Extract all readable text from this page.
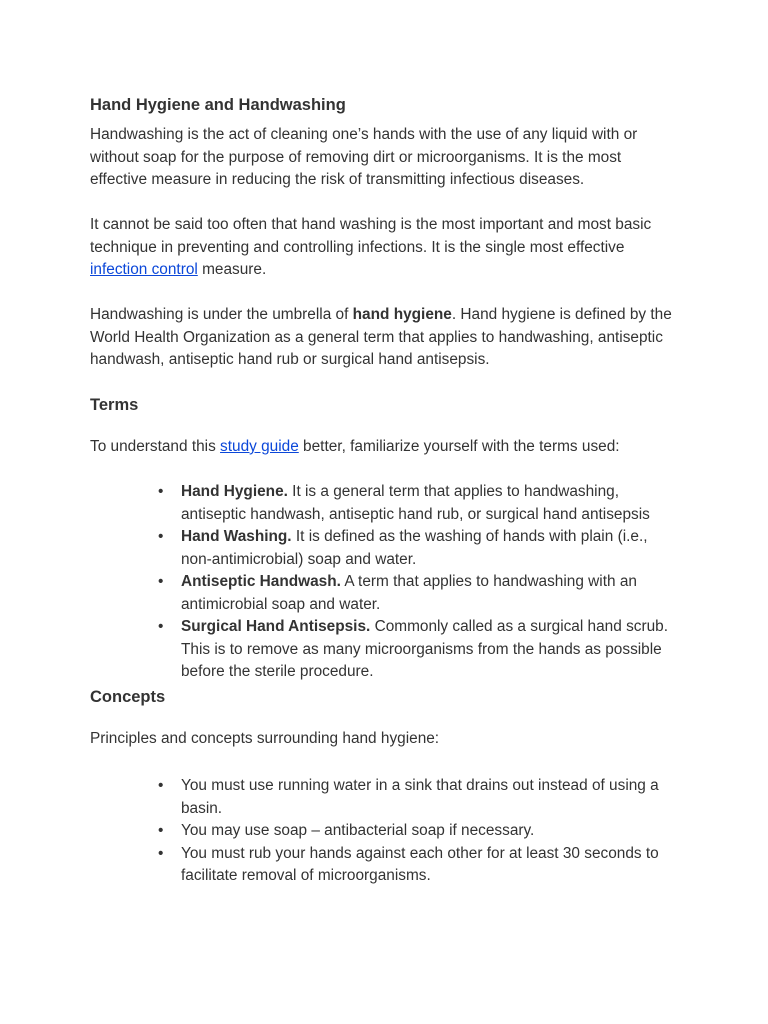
Hand Hygiene and Handwashing

Handwashing is the act of cleaning one’s hands with the use of any liquid with or without soap for the purpose of removing dirt or microorganisms. It is the most effective measure in reducing the risk of transmitting infectious diseases.

It cannot be said too often that hand washing is the most important and most basic technique in preventing and controlling infections. It is the single most effective infection control measure.

Handwashing is under the umbrella of hand hygiene. Hand hygiene is defined by the World Health Organization as a general term that applies to handwashing, antiseptic handwash, antiseptic hand rub or surgical hand antisepsis.

Terms

To understand this study guide better, familiarize yourself with the terms used:

• Hand Hygiene. It is a general term that applies to handwashing, antiseptic handwash, antiseptic hand rub, or surgical hand antisepsis
• Hand Washing. It is defined as the washing of hands with plain (i.e., non-antimicrobial) soap and water.
• Antiseptic Handwash. A term that applies to handwashing with an antimicrobial soap and water.
• Surgical Hand Antisepsis. Commonly called as a surgical hand scrub. This is to remove as many microorganisms from the hands as possible before the sterile procedure.
Concepts

Principles and concepts surrounding hand hygiene:

• You must use running water in a sink that drains out instead of using a basin.
• You may use soap – antibacterial soap if necessary.
• You must rub your hands against each other for at least 30 seconds to facilitate removal of microorganisms.
